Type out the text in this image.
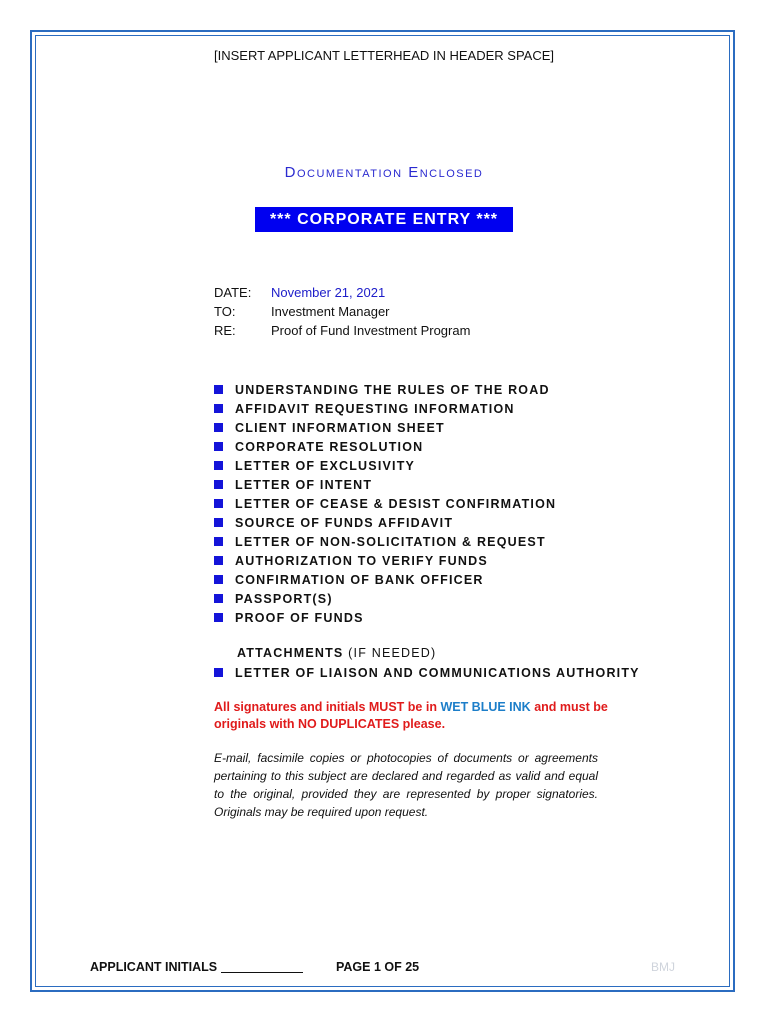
[INSERT APPLICANT LETTERHEAD IN HEADER SPACE]
Documentation Enclosed
*** CORPORATE ENTRY ***
DATE: November 21, 2021
TO:	Investment Manager
RE:	Proof of Fund Investment Program
UNDERSTANDING THE RULES OF THE ROAD
AFFIDAVIT REQUESTING INFORMATION
CLIENT INFORMATION SHEET
CORPORATE RESOLUTION
LETTER OF EXCLUSIVITY
LETTER OF INTENT
LETTER OF CEASE & DESIST CONFIRMATION
SOURCE OF FUNDS AFFIDAVIT
LETTER OF NON-SOLICITATION & REQUEST
AUTHORIZATION TO VERIFY FUNDS
CONFIRMATION OF BANK OFFICER
PASSPORT(S)
PROOF OF FUNDS
ATTACHMENTS (IF NEEDED)
LETTER OF LIAISON AND COMMUNICATIONS AUTHORITY
All signatures and initials MUST be in WET BLUE INK and must be originals with NO DUPLICATES please.
E-mail, facsimile copies or photocopies of documents or agreements pertaining to this subject are declared and regarded as valid and equal to the original, provided they are represented by proper signatories. Originals may be required upon request.
APPLICANT INITIALS	PAGE 1 OF 25	BMJ
